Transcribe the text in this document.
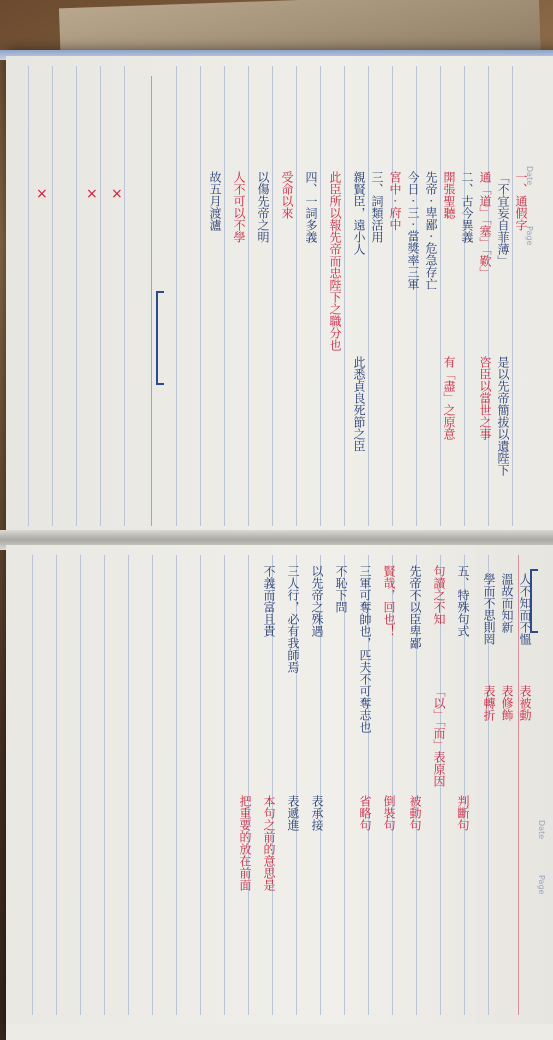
Date
Page
一、通假字
「不宜妄自菲薄」
通「道」「塞」「歎」
二、古今異義
開張聖聽
先帝 · 卑鄙 · 危急存亡
今日 · 三 · 當獎率三軍
宮中 · 府中
三、詞類活用
親賢臣，遠小人
此臣所以報先帝而忠陛下之職分也
四、一詞多義
受命以來
以傷先帝之明
人不可以不學
故五月渡瀘
是以先帝簡拔以遺陛下
咨臣以當世之事
有「盡」之原意
此悉貞良死節之臣
×
×
×
Date
Page
人不知而不慍
溫故而知新
學而不思則罔
五、特殊句式
句讀之不知
先帝不以臣卑鄙
賢哉，回也！
三軍可奪帥也，匹夫不可奪志也
不恥下問
以先帝之殊遇
三人行，必有我師焉
不義而富且貴
表被動
表修飾
表轉折
「以」「而」表原因
判斷句
被動句
倒裝句
省略句
表承接
表遞進
本句之前的意思是
把重要的放在前面
